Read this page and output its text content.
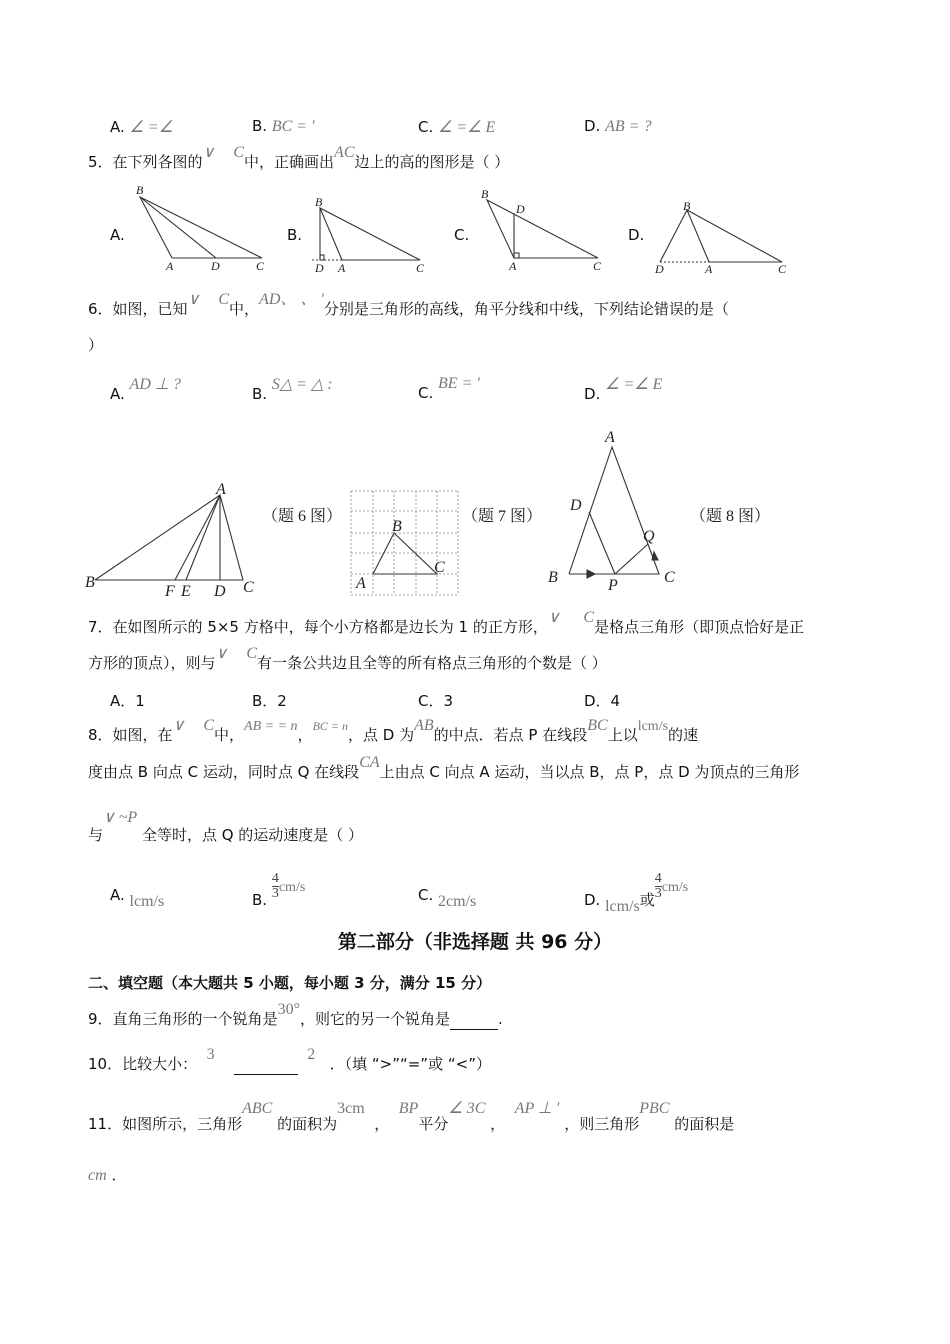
A. ∠ =∠	B. BC = '	C. ∠ =∠ E	D. AB = ?
5．在下列各图的∨ C中，正确画出AC边上的高的图形是（ ）
A.	B.	C.	D.
B
A	D	C
B
D A	C
B
D
A	C
B
D	A	C
A
B
F E D C
（题 6 图）
A
B
C
（题 7 图）
A
D
B	P	C
Q
（题 8 图）
6．如图，已知∨ C中，AD、 、 ′分别是三角形的高线，角平分线和中线，下列结论错误的是（
）
A. AD ⊥ ?
B. S△ = △ :	C. BE = '
D. ∠ =∠ E
7．在如图所示的 5×5 方格中，每个小方格都是边长为 1 的正方形，∨ C是格点三角形（即顶点恰好是正
方形的顶点），则与∨ C有一条公共边且全等的所有格点三角形的个数是（ ）
A．1	B．2	C．3	D．4
8．如图，在∨ C中，AB = = n，$^{BC = n}$，点 D 为AB的中点．若点 P 在线段BC上以lcm/s的速
度由点 B 向点 C 运动，同时点 Q 在线段CA上由点 C 向点 A 运动，当以点 B，点 P，点 D 为顶点的三角形
与∨ ~P 全等时，点 Q 的运动速度是（ ）
A. lcm/s	B. $\frac{4}{3} cm/s$	C. 2cm/s	D. lcm/s或 $\frac{4}{3} cm/s$
第二部分（非选择题 共 96 分）
二、填空题（本大题共 5 小题，每小题 3 分，满分 15 分）
9．直角三角形的一个锐角是30°，则它的另一个锐角是	.
10．比较大小：  3	2   ．（填 “>”“=”或 “<”）
11．如图所示，三角形ABC 的面积为3cm  ，  BP平分∠ 3C ，  AP ⊥ ′ ，则三角形PBC 的面积是
cm ．
